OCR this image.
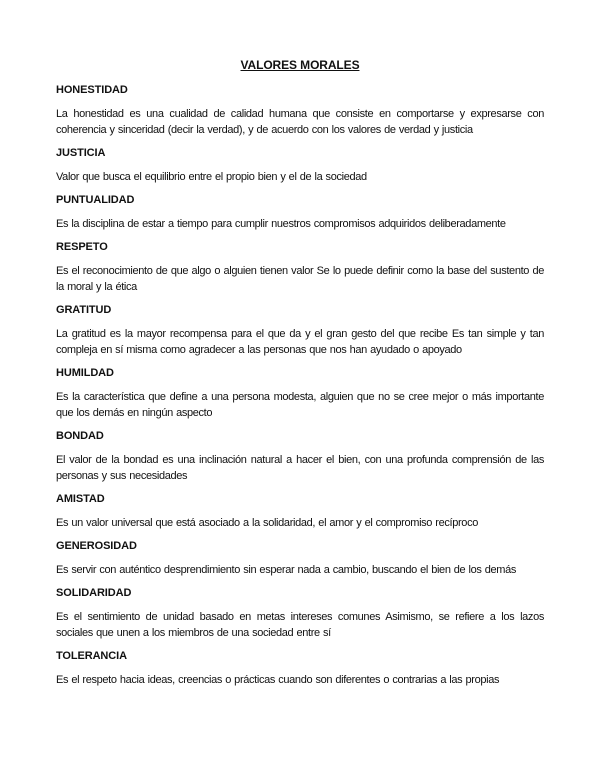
VALORES MORALES
HONESTIDAD

La honestidad es una cualidad de calidad humana que consiste en comportarse y expresarse con coherencia y sinceridad (decir la verdad), y de acuerdo con los valores de verdad y justicia

JUSTICIA

Valor que busca el equilibrio entre el propio bien y el de la sociedad

PUNTUALIDAD

Es la disciplina de estar a tiempo para cumplir nuestros compromisos adquiridos deliberadamente

RESPETO

Es el reconocimiento de que algo o alguien tienen valor Se lo puede definir como la base del sustento de la moral y la ética

GRATITUD

La gratitud es la mayor recompensa para el que da y el gran gesto del que recibe Es tan simple y tan compleja en sí misma como agradecer a las personas que nos han ayudado o apoyado

HUMILDAD

Es la característica que define a una persona modesta, alguien que no se cree mejor o más importante que los demás en ningún aspecto

BONDAD

El valor de la bondad es una inclinación natural a hacer el bien, con una profunda comprensión de las personas y sus necesidades

AMISTAD

Es un valor universal que está asociado a la solidaridad, el amor y el compromiso recíproco

GENEROSIDAD

Es servir con auténtico desprendimiento sin esperar nada a cambio, buscando el bien de los demás

SOLIDARIDAD

Es el sentimiento de unidad basado en metas intereses comunes Asimismo, se refiere a los lazos sociales que unen a los miembros de una sociedad entre sí

TOLERANCIA

Es el respeto hacia ideas, creencias o prácticas cuando son diferentes o contrarias a las propias
